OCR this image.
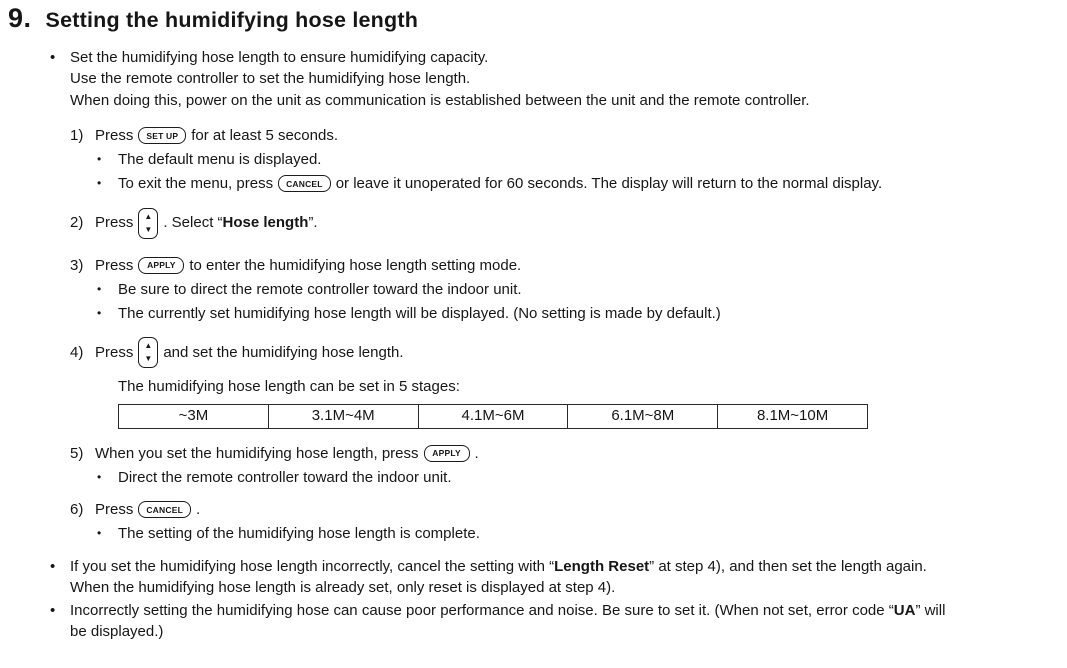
9. Setting the humidifying hose length
•
Set the humidifying hose length to ensure humidifying capacity.
Use the remote controller to set the humidifying hose length.
When doing this, power on the unit as communication is established between the unit and the remote controller.
1) Press	SET UP for at least 5 seconds.
•
The default menu is displayed.
•
To exit the menu, press	CANCEL or leave it unoperated for 60 seconds. The display will return to the normal display.
2) Press ▲
▼ . Select “ Hose length ”.
3) Press	APPLY to enter the humidifying hose length setting mode.
•
Be sure to direct the remote controller toward the indoor unit.
•
The currently set humidifying hose length will be displayed. (No setting is made by default.)
4) Press ▲
▼ and set the humidifying hose length.
The humidifying hose length can be set in 5 stages:
~3M	3.1M~4M	4.1M~6M	6.1M~8M	8.1M~10M
5) When you set the humidifying hose length, press	APPLY .
•
Direct the remote controller toward the indoor unit.
6) Press	CANCEL .
•
The setting of the humidifying hose length is complete.
•
If you set the humidifying hose length incorrectly, cancel the setting with “Length Reset” at step 4), and then set the length again.
When the humidifying hose length is already set, only reset is displayed at step 4).
•
Incorrectly setting the humidifying hose can cause poor performance and noise. Be sure to set it. (When not set, error code “UA” will
be displayed.)
